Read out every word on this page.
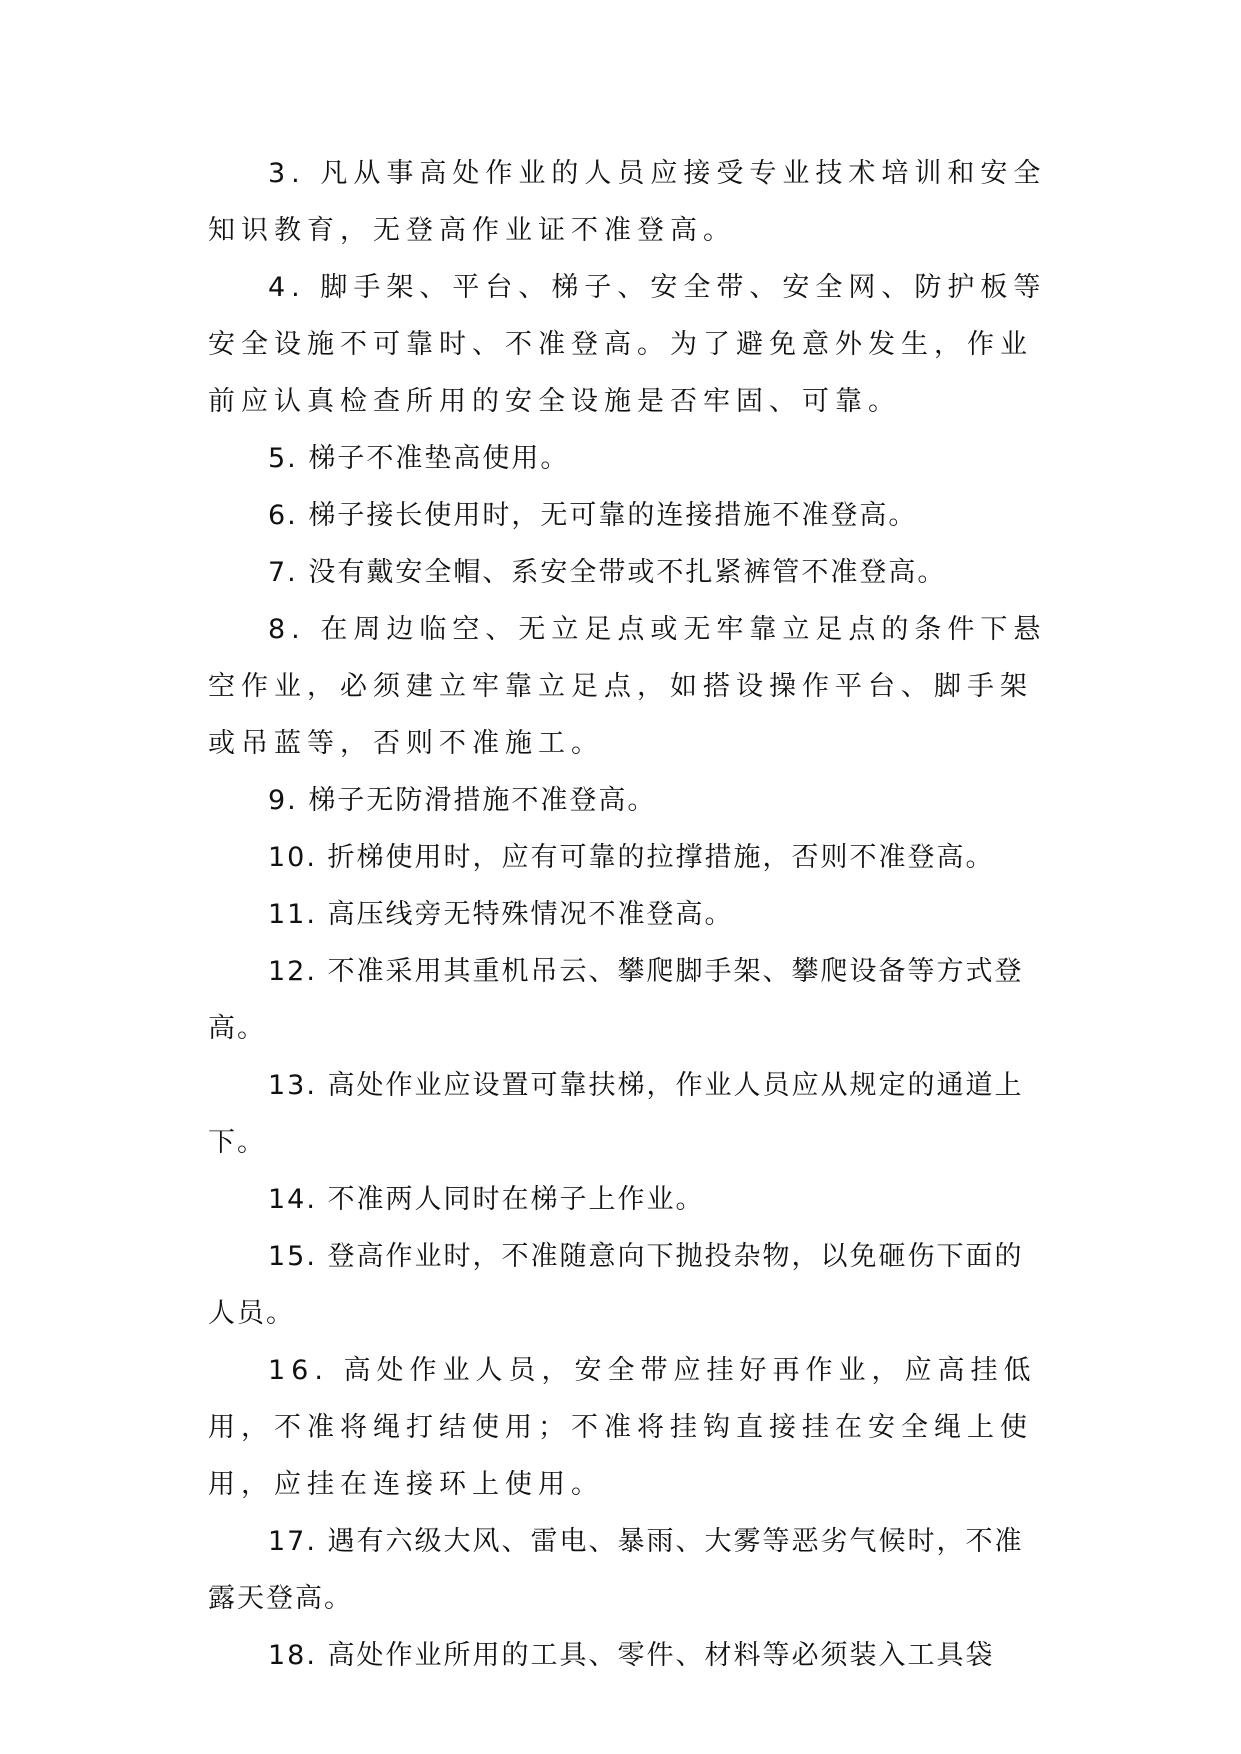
3. 凡从事高处作业的人员应接受专业技术培训和安全知识教育，无登高作业证不准登高。

4. 脚手架、平台、梯子、安全带、安全网、防护板等安全设施不可靠时、不准登高。为了避免意外发生，作业前应认真检查所用的安全设施是否牢固、可靠。

5. 梯子不准垫高使用。

6. 梯子接长使用时，无可靠的连接措施不准登高。

7. 没有戴安全帽、系安全带或不扎紧裤管不准登高。

8. 在周边临空、无立足点或无牢靠立足点的条件下悬空作业，必须建立牢靠立足点，如搭设操作平台、脚手架或吊蓝等，否则不准施工。

9. 梯子无防滑措施不准登高。

10. 折梯使用时，应有可靠的拉撑措施，否则不准登高。

11. 高压线旁无特殊情况不准登高。

12. 不准采用其重机吊云、攀爬脚手架、攀爬设备等方式登高。

13. 高处作业应设置可靠扶梯，作业人员应从规定的通道上下。

14. 不准两人同时在梯子上作业。

15. 登高作业时，不准随意向下抛投杂物，以免砸伤下面的人员。

16. 高处作业人员，安全带应挂好再作业，应高挂低用，不准将绳打结使用；不准将挂钩直接挂在安全绳上使用，应挂在连接环上使用。

17. 遇有六级大风、雷电、暴雨、大雾等恶劣气候时，不准露天登高。

18. 高处作业所用的工具、零件、材料等必须装入工具袋
